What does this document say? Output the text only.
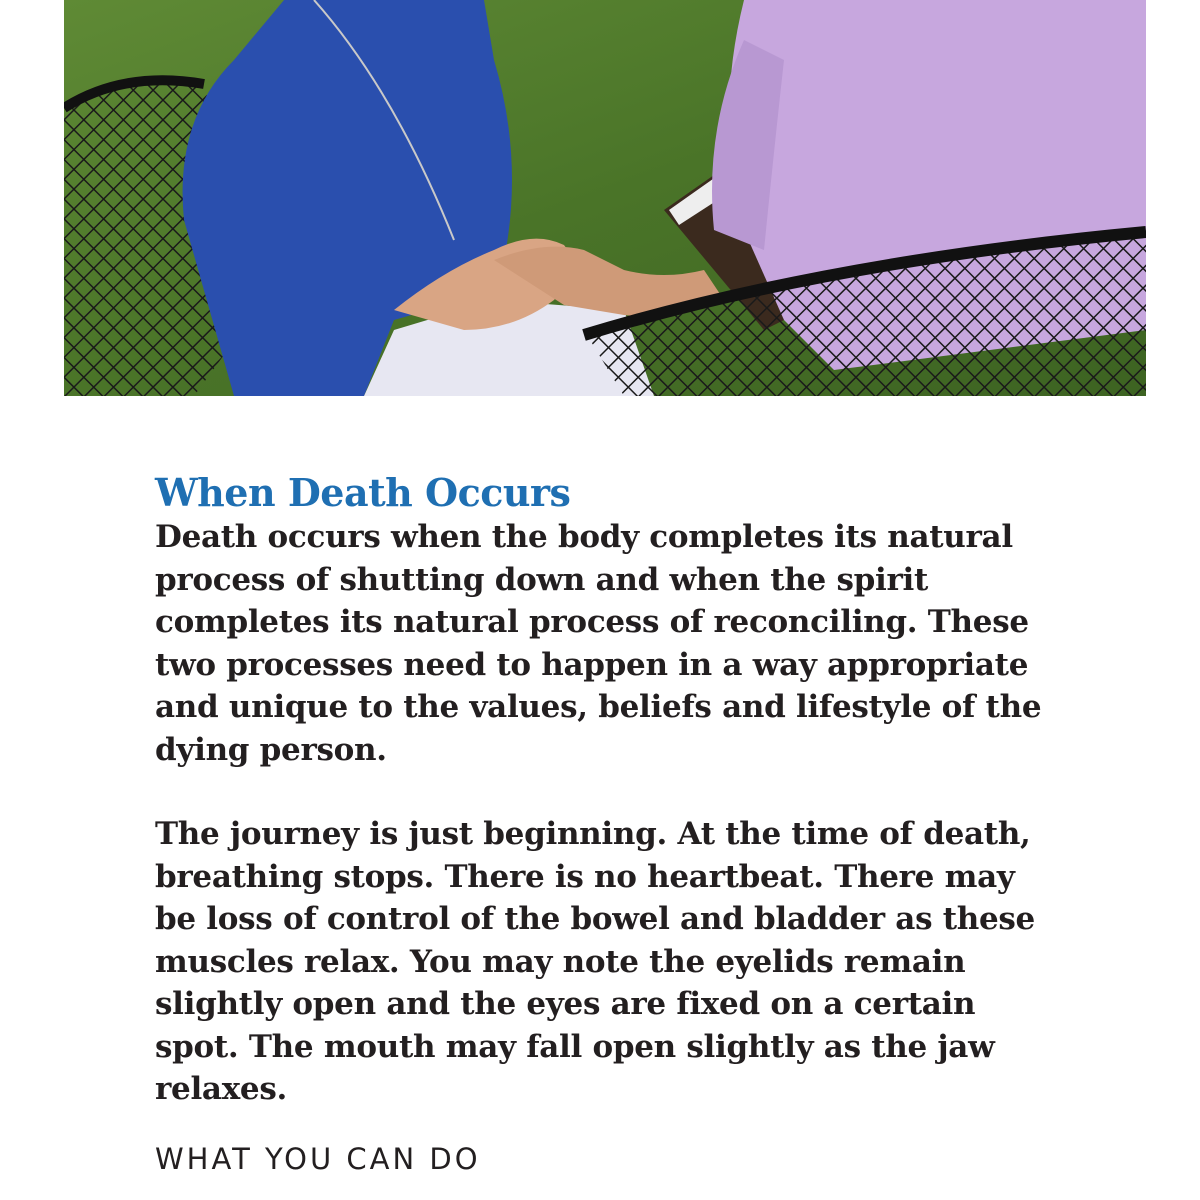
When Death Occurs

Death occurs when the body completes its natural
process of shutting down and when the spirit
completes its natural process of reconciling. These
two processes need to happen in a way appropriate
and unique to the values, beliefs and lifestyle of the
dying person.

The journey is just beginning. At the time of death,
breathing stops. There is no heartbeat. There may
be loss of control of the bowel and bladder as these
muscles relax. You may note the eyelids remain
slightly open and the eyes are fixed on a certain
spot. The mouth may fall open slightly as the jaw
relaxes.

WHAT YOU CAN DO
